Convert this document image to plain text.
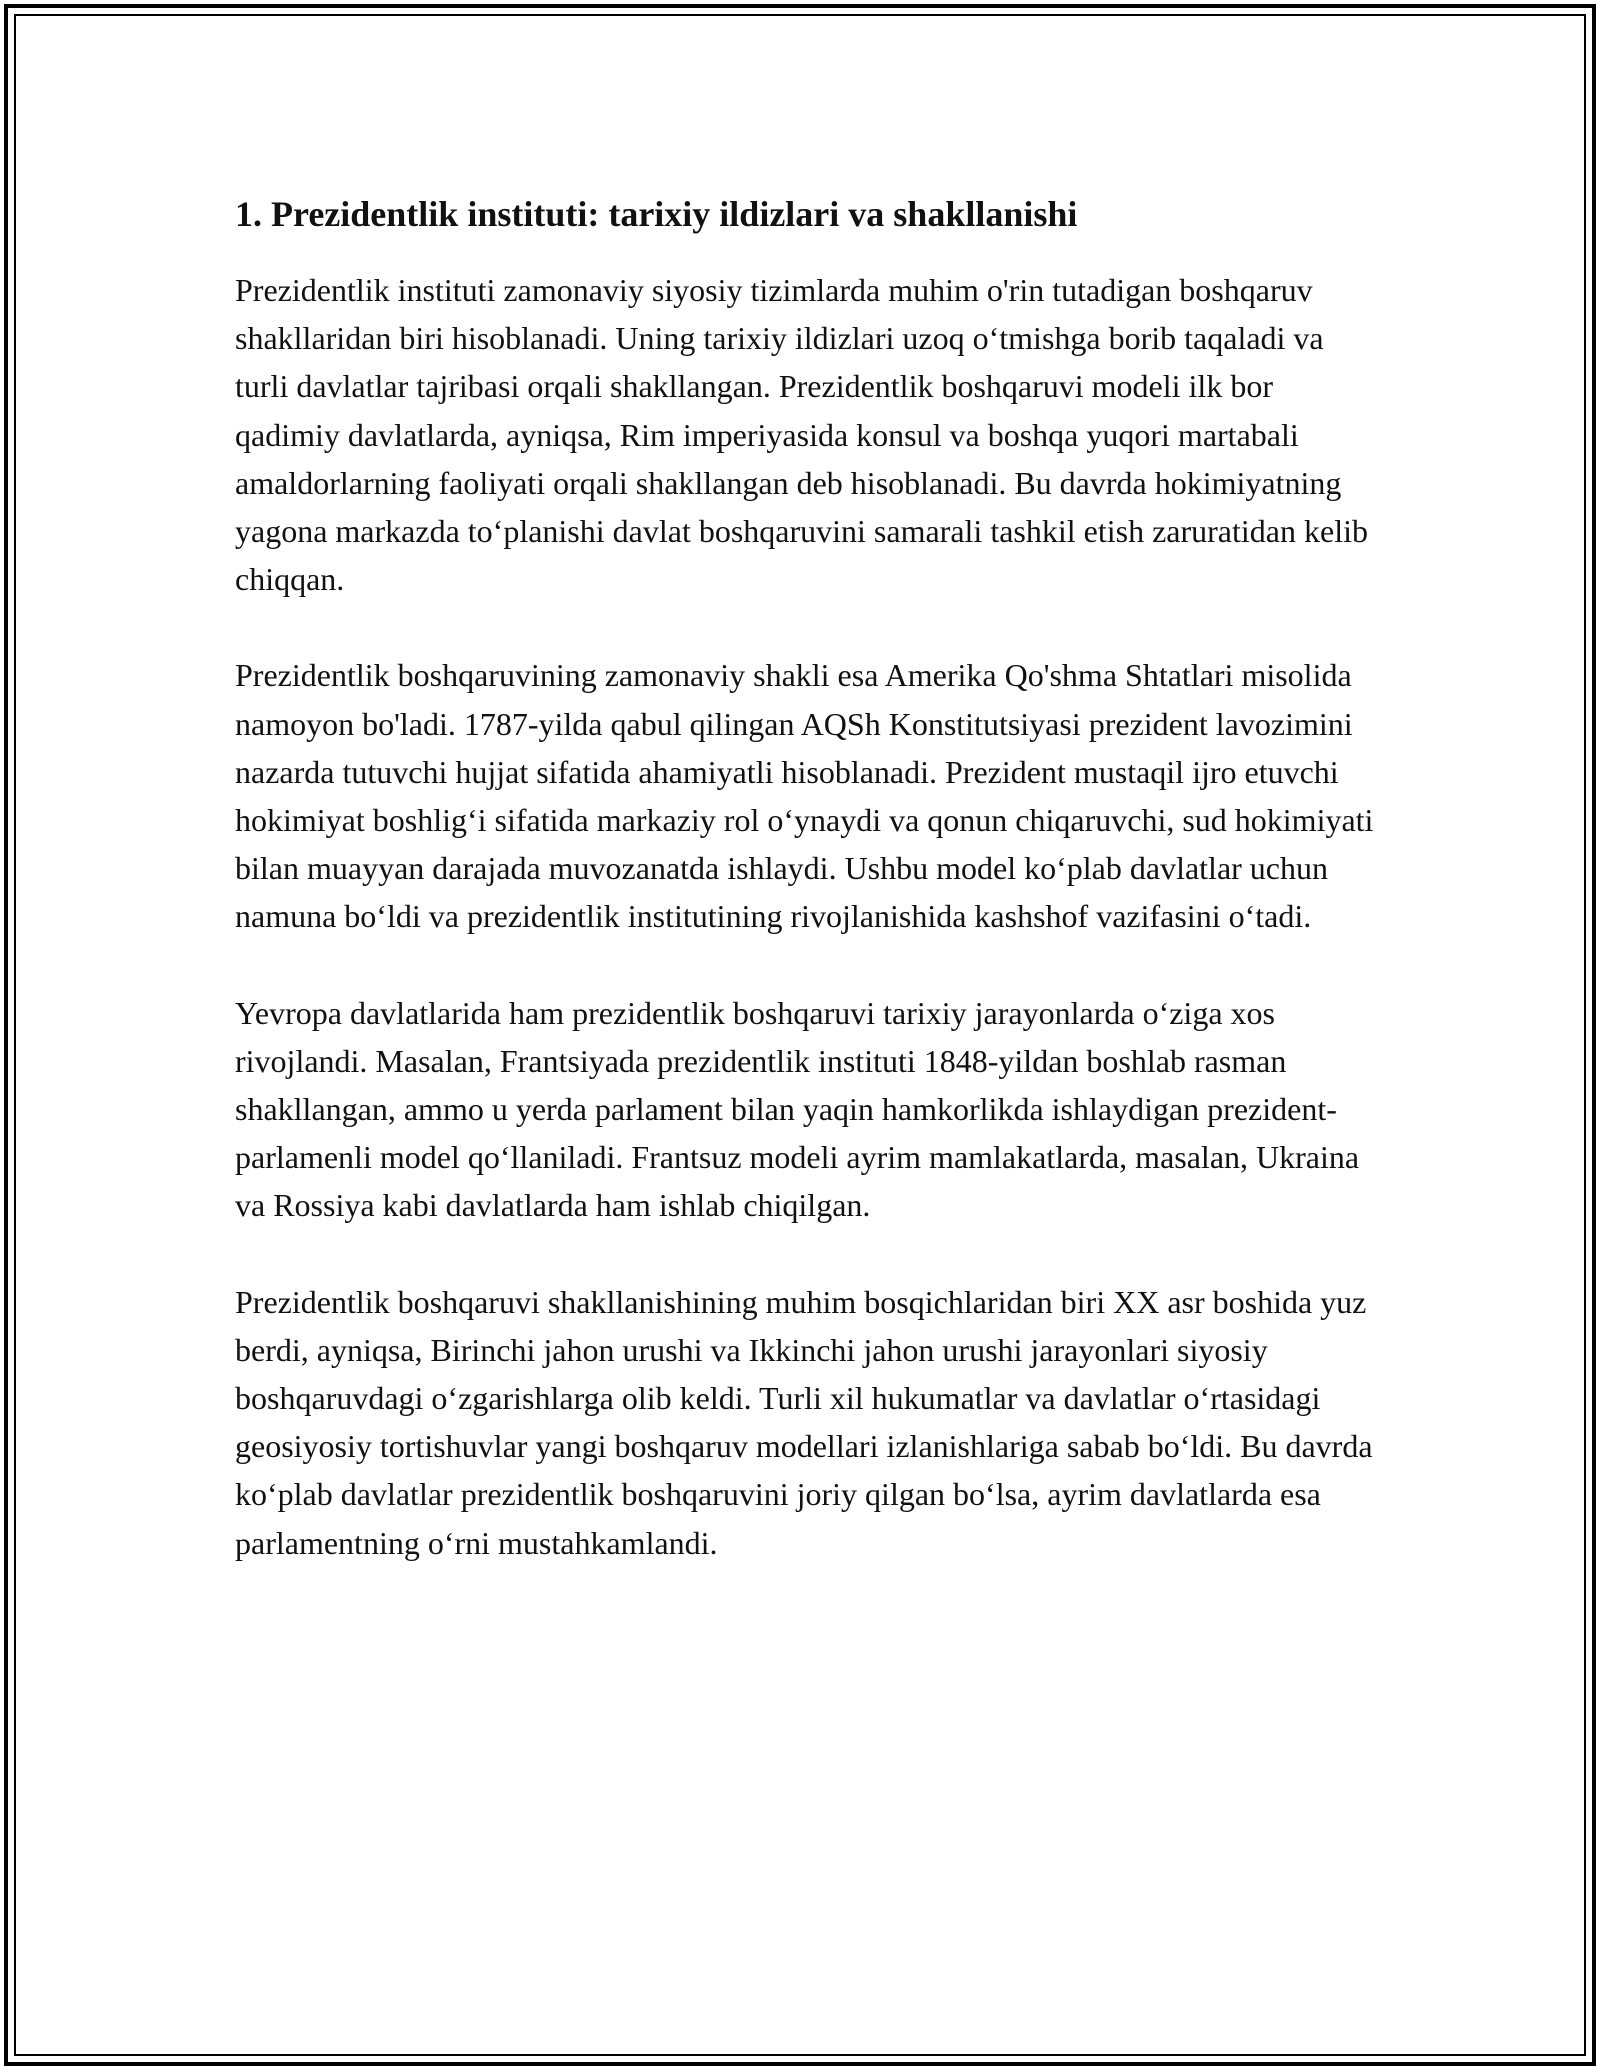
1. Prezidentlik instituti: tarixiy ildizlari va shakllanishi

Prezidentlik instituti zamonaviy siyosiy tizimlarda muhim o'rin tutadigan boshqaruv shakllaridan biri hisoblanadi. Uning tarixiy ildizlari uzoq o‘tmishga borib taqaladi va turli davlatlar tajribasi orqali shakllangan. Prezidentlik boshqaruvi modeli ilk bor qadimiy davlatlarda, ayniqsa, Rim imperiyasida konsul va boshqa yuqori martabali amaldorlarning faoliyati orqali shakllangan deb hisoblanadi. Bu davrda hokimiyatning yagona markazda to‘planishi davlat boshqaruvini samarali tashkil etish zaruratidan kelib chiqqan.

Prezidentlik boshqaruvining zamonaviy shakli esa Amerika Qo'shma Shtatlari misolida namoyon bo'ladi. 1787-yilda qabul qilingan AQSh Konstitutsiyasi prezident lavozimini nazarda tutuvchi hujjat sifatida ahamiyatli hisoblanadi. Prezident mustaqil ijro etuvchi hokimiyat boshlig‘i sifatida markaziy rol o‘ynaydi va qonun chiqaruvchi, sud hokimiyati bilan muayyan darajada muvozanatda ishlaydi. Ushbu model ko‘plab davlatlar uchun namuna bo‘ldi va prezidentlik institutining rivojlanishida kashshof vazifasini o‘tadi.

Yevropa davlatlarida ham prezidentlik boshqaruvi tarixiy jarayonlarda o‘ziga xos rivojlandi. Masalan, Frantsiyada prezidentlik instituti 1848-yildan boshlab rasman shakllangan, ammo u yerda parlament bilan yaqin hamkorlikda ishlaydigan prezident-parlamenli model qo‘llaniladi. Frantsuz modeli ayrim mamlakatlarda, masalan, Ukraina va Rossiya kabi davlatlarda ham ishlab chiqilgan.

Prezidentlik boshqaruvi shakllanishining muhim bosqichlaridan biri XX asr boshida yuz berdi, ayniqsa, Birinchi jahon urushi va Ikkinchi jahon urushi jarayonlari siyosiy boshqaruvdagi o‘zgarishlarga olib keldi. Turli xil hukumatlar va davlatlar o‘rtasidagi geosiyosiy tortishuvlar yangi boshqaruv modellari izlanishlariga sabab bo‘ldi. Bu davrda ko‘plab davlatlar prezidentlik boshqaruvini joriy qilgan bo‘lsa, ayrim davlatlarda esa parlamentning o‘rni mustahkamlandi.
